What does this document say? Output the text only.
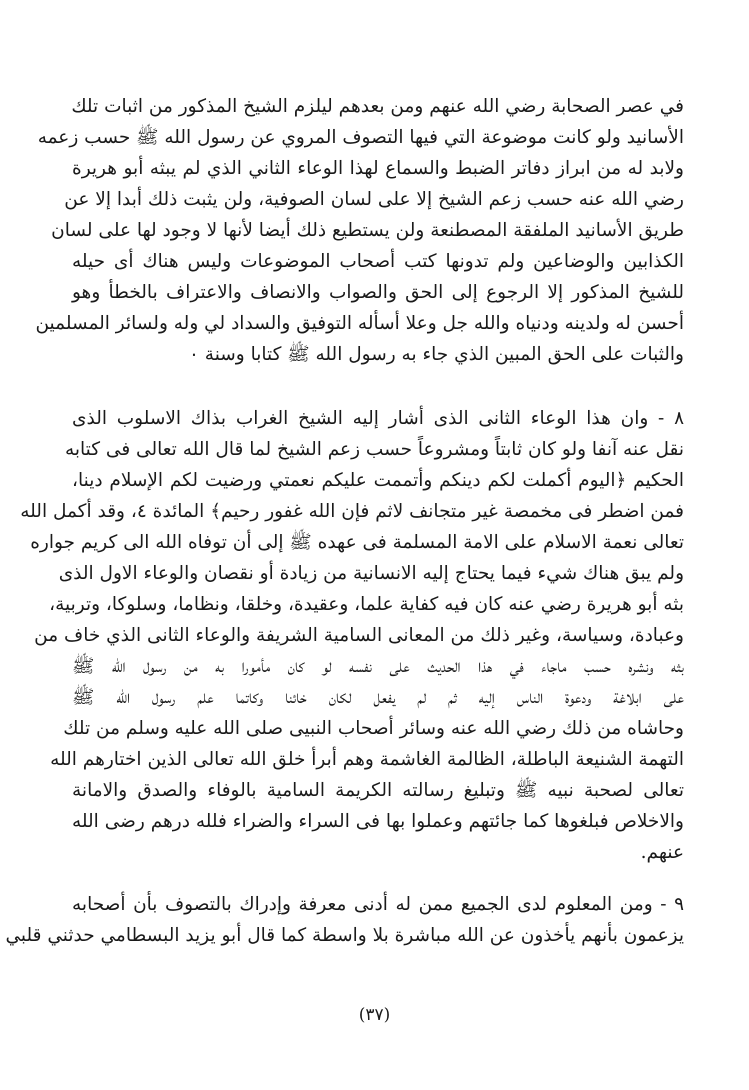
في عصر الصحابة رضي الله عنهم ومن بعدهم ليلزم الشيخ المذكور من اثبات تلك
الأسانيد ولو كانت موضوعة التي فيها التصوف المروي عن رسول الله ﷺ حسب زعمه
ولابد له من ابراز دفاتر الضبط والسماع لهذا الوعاء الثاني الذي لم يبثه أبو هريرة
رضي الله عنه حسب زعم الشيخ إلا على لسان الصوفية، ولن يثبت ذلك أبدا إلا عن
طريق الأسانيد الملفقة المصطنعة ولن يستطيع ذلك أيضا لأنها لا وجود لها على لسان
الكذابين والوضاعين ولم تدونها كتب أصحاب الموضوعات وليس هناك أى حيله
للشيخ المذكور إلا الرجوع إلى الحق والصواب والانصاف والاعتراف بالخطأ وهو
أحسن له ولدينه ودنياه والله جل وعلا أسأله التوفيق والسداد لي وله ولسائر المسلمين
والثبات على الحق المبين الذي جاء به رسول الله ﷺ كتابا وسنة ٠
٨ - وان هذا الوعاء الثانى الذى أشار إليه الشيخ الغراب بذاك الاسلوب الذى
نقل عنه آنفا ولو كان ثابتاً ومشروعاً حسب زعم الشيخ لما قال الله تعالى فى كتابه
الحكيم ﴿اليوم أكملت لكم دينكم وأتممت عليكم نعمتي ورضيت لكم الإسلام دينا،
فمن اضطر فى مخمصة غير متجانف لاثم فإن الله غفور رحيم﴾ المائدة ٤، وقد أكمل الله
تعالى نعمة الاسلام على الامة المسلمة فى عهده ﷺ إلى أن توفاه الله الى كريم جواره
ولم يبق هناك شيء فيما يحتاج إليه الانسانية من زيادة أو نقصان والوعاء الاول الذى
بثه أبو هريرة رضي عنه كان فيه كفاية علما، وعقيدة، وخلقا، ونظاما، وسلوكا، وتربية،
وعبادة، وسياسة، وغير ذلك من المعانى السامية الشريفة والوعاء الثانى الذي خاف من
بثه ونشره حسب ماجاء في هذا الحديث على نفسه لو كان مأمورا به من رسول الله ﷺ
على ابلاغة ودعوة الناس إليه ثم لم يفعل لكان خائنا وكاتما علم رسول الله ﷺ
وحاشاه من ذلك رضي الله عنه وسائر أصحاب النبيى صلى الله عليه وسلم من تلك
التهمة الشنيعة الباطلة، الظالمة الغاشمة وهم أبرأ خلق الله تعالى الذين اختارهم الله
تعالى لصحبة نبيه ﷺ وتبليغ رسالته الكريمة السامية بالوفاء والصدق والامانة
والاخلاص فبلغوها كما جائتهم وعملوا بها فى السراء والضراء فلله درهم رضى الله
عنهم.
٩ - ومن المعلوم لدى الجميع ممن له أدنى معرفة وإدراك بالتصوف بأن أصحابه
يزعمون بأنهم يأخذون عن الله مباشرة بلا واسطة كما قال أبو يزيد البسطامي حدثني قلبي
(٣٧)
